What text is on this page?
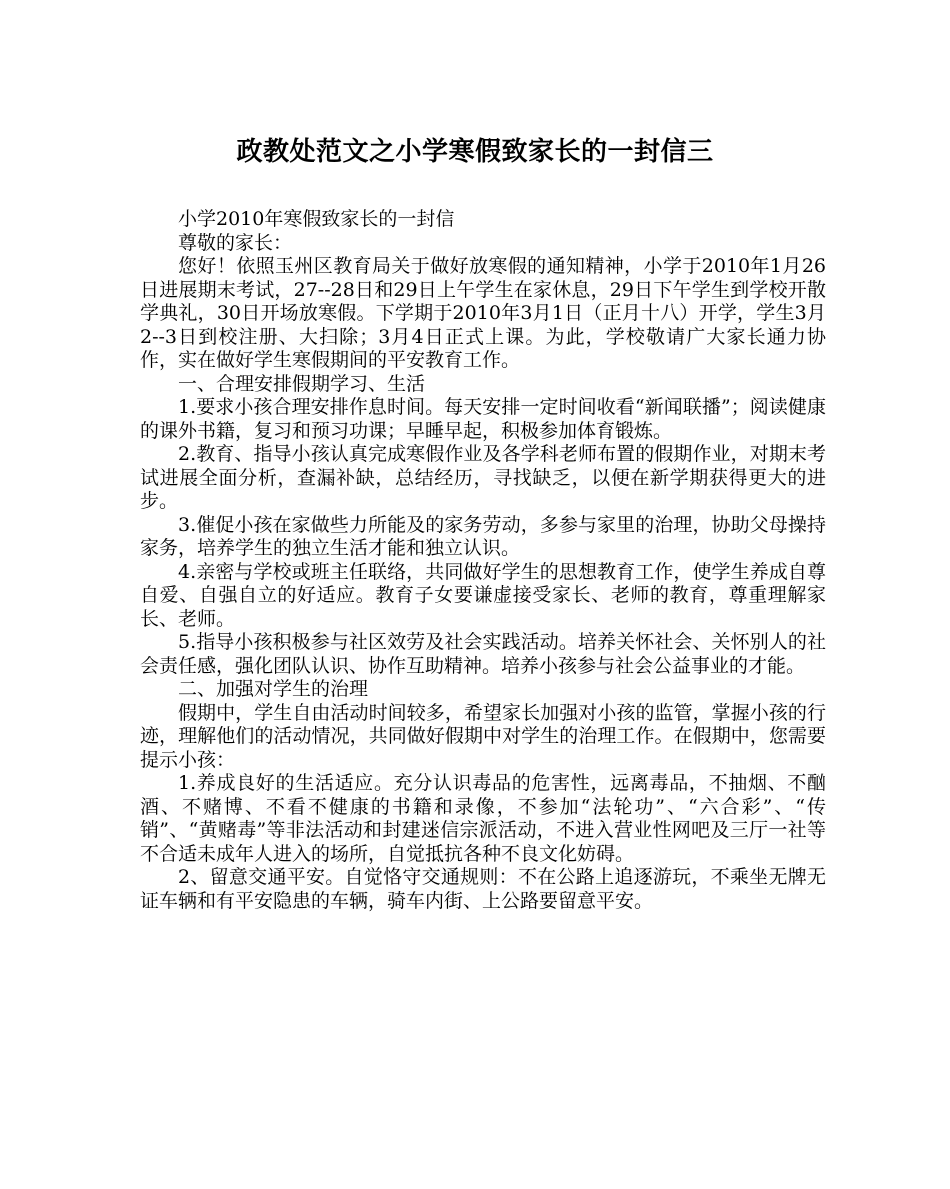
政教处范文之小学寒假致家长的一封信三

小学2010年寒假致家长的一封信

尊敬的家长：

您好！依照玉州区教育局关于做好放寒假的通知精神，小学于2010年1月26日进展期末考试，27--28日和29日上午学生在家休息，29日下午学生到学校开散学典礼，30日开场放寒假。下学期于2010年3月1日（正月十八）开学，学生3月2--3日到校注册、大扫除；3月4日正式上课。为此，学校敬请广大家长通力协作，实在做好学生寒假期间的平安教育工作。

一、合理安排假期学习、生活

1.要求小孩合理安排作息时间。每天安排一定时间收看“新闻联播”；阅读健康的课外书籍，复习和预习功课；早睡早起，积极参加体育锻炼。

2.教育、指导小孩认真完成寒假作业及各学科老师布置的假期作业，对期末考试进展全面分析，查漏补缺，总结经历，寻找缺乏，以便在新学期获得更大的进步。

3.催促小孩在家做些力所能及的家务劳动，多参与家里的治理，协助父母操持家务，培养学生的独立生活才能和独立认识。

4.亲密与学校或班主任联络，共同做好学生的思想教育工作，使学生养成自尊自爱、自强自立的好适应。教育子女要谦虚接受家长、老师的教育，尊重理解家长、老师。

5.指导小孩积极参与社区效劳及社会实践活动。培养关怀社会、关怀别人的社会责任感，强化团队认识、协作互助精神。培养小孩参与社会公益事业的才能。

二、加强对学生的治理

假期中，学生自由活动时间较多，希望家长加强对小孩的监管，掌握小孩的行迹，理解他们的活动情况，共同做好假期中对学生的治理工作。在假期中，您需要提示小孩：

1.养成良好的生活适应。充分认识毒品的危害性，远离毒品，不抽烟、不酗酒、不赌博、不看不健康的书籍和录像，不参加“法轮功”、“六合彩”、“传销”、“黄赌毒”等非法活动和封建迷信宗派活动，不进入营业性网吧及三厅一社等不合适未成年人进入的场所，自觉抵抗各种不良文化妨碍。

2、留意交通平安。自觉恪守交通规则：不在公路上追逐游玩，不乘坐无牌无证车辆和有平安隐患的车辆，骑车内街、上公路要留意平安。
